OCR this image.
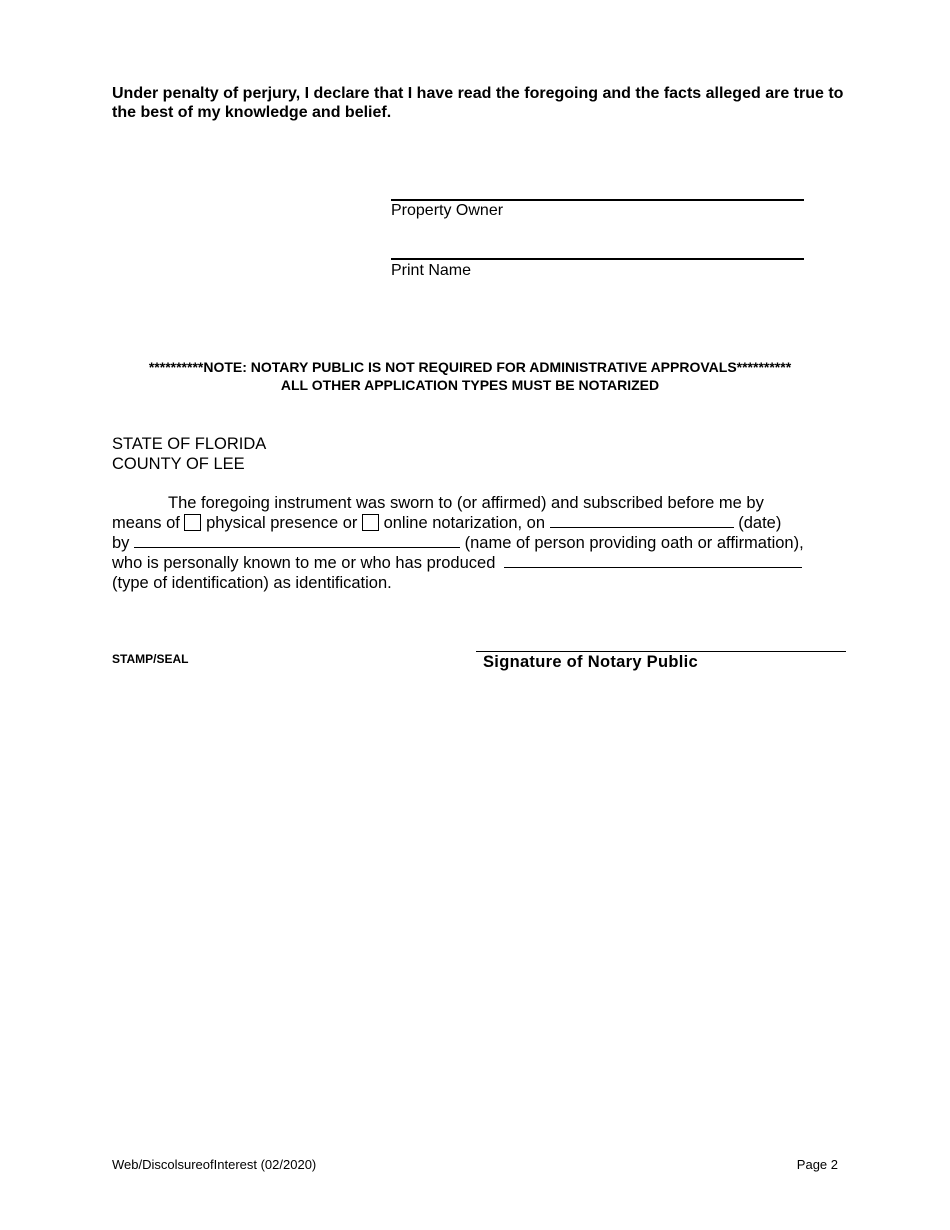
Under penalty of perjury, I declare that I have read the foregoing and the facts alleged are true to the best of my knowledge and belief.
Property Owner
Print Name
**********NOTE: NOTARY PUBLIC IS NOT REQUIRED FOR ADMINISTRATIVE APPROVALS**********
ALL OTHER APPLICATION TYPES MUST BE NOTARIZED
STATE OF FLORIDA
COUNTY OF LEE
The foregoing instrument was sworn to (or affirmed) and subscribed before me by
means of physical presence or online notarization, on	(date)
by	(name of person providing oath or affirmation),
who is personally known to me or who has produced
(type of identification) as identification.
STAMP/SEAL	Signature of Notary Public
Web/DiscolsureofInterest (02/2020)	Page 2
